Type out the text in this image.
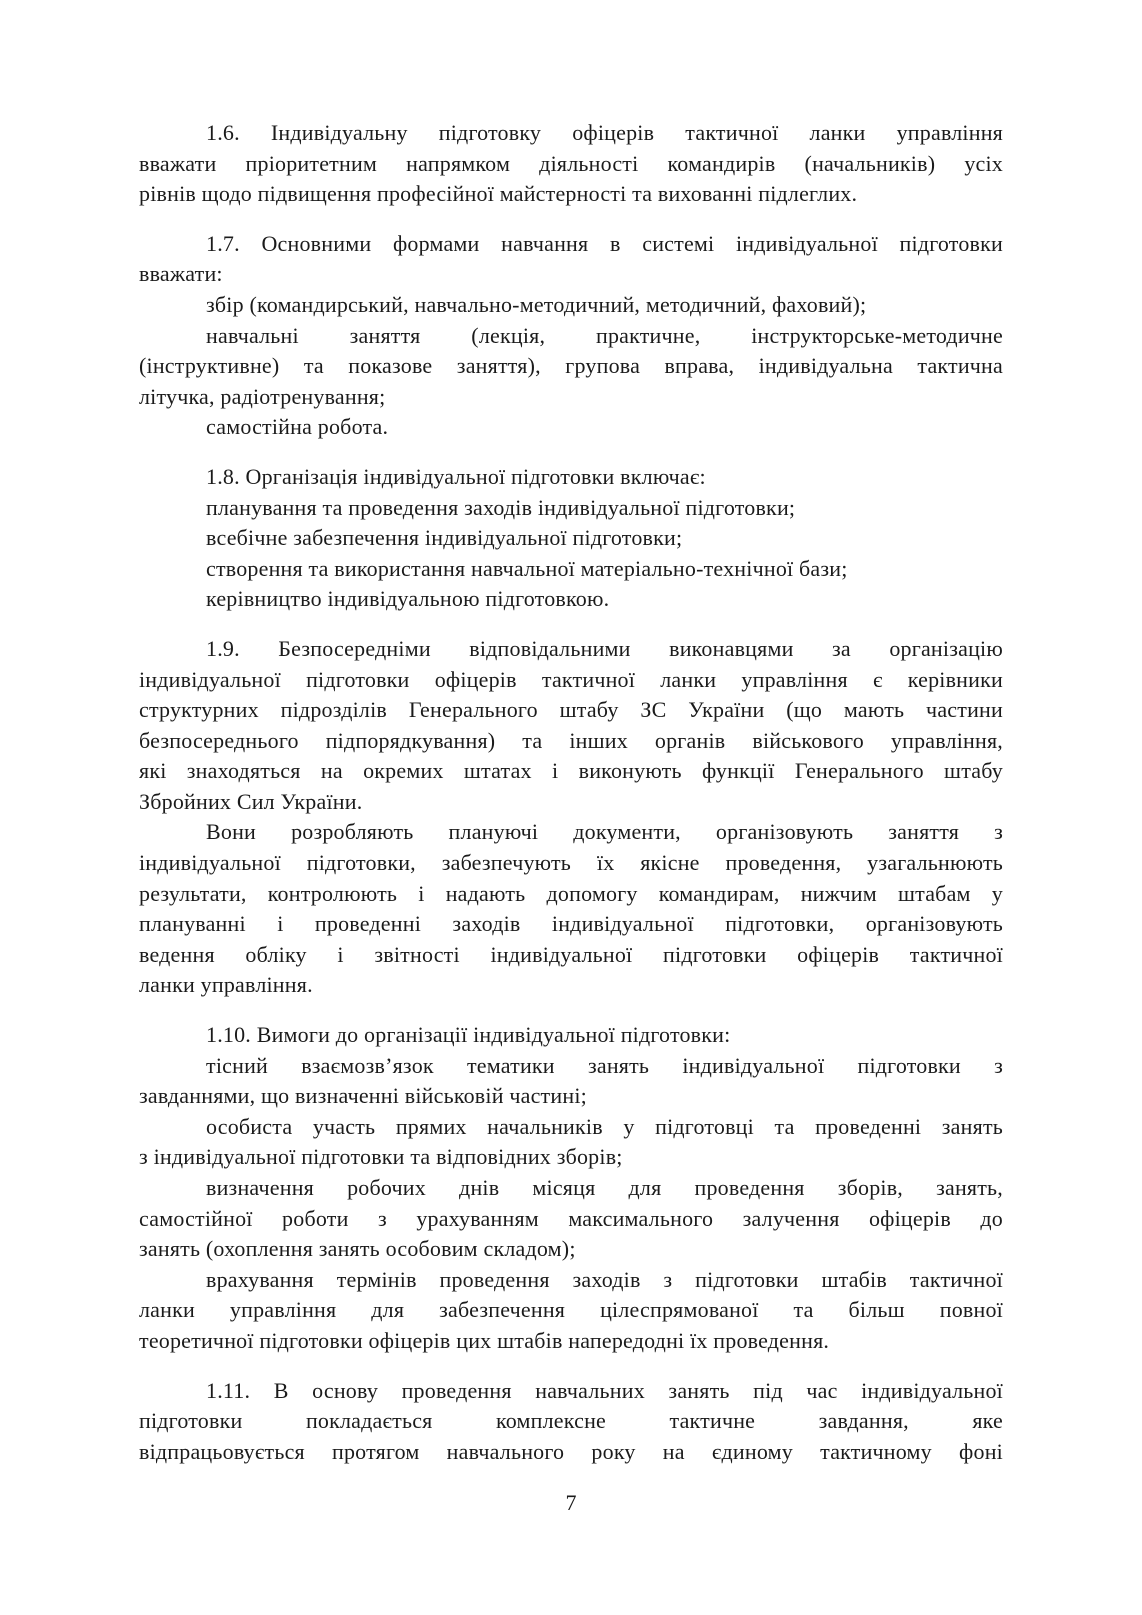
1.6. Індивідуальну підготовку офіцерів тактичної ланки управління
вважати пріоритетним напрямком діяльності командирів (начальників) усіх
рівнів щодо підвищення професійної майстерності та вихованні підлеглих.
1.7. Основними формами навчання в системі індивідуальної підготовки
вважати:
збір (командирський, навчально-методичний, методичний, фаховий);
навчальні заняття (лекція, практичне, інструкторське-методичне
(інструктивне) та показове заняття), групова вправа, індивідуальна тактична
літучка, радіотренування;
самостійна робота.
1.8. Організація індивідуальної підготовки включає:
планування та проведення заходів індивідуальної підготовки;
всебічне забезпечення індивідуальної підготовки;
створення та використання навчальної матеріально-технічної бази;
керівництво індивідуальною підготовкою.
1.9. Безпосередніми відповідальними виконавцями за організацію
індивідуальної підготовки офіцерів тактичної ланки управління є керівники
структурних підрозділів Генерального штабу ЗС України (що мають частини
безпосереднього підпорядкування) та інших органів військового управління,
які знаходяться на окремих штатах і виконують функції Генерального штабу
Збройних Сил України.
Вони розробляють плануючі документи, організовують заняття з
індивідуальної підготовки, забезпечують їх якісне проведення, узагальнюють
результати, контролюють і надають допомогу командирам, нижчим штабам у
плануванні і проведенні заходів індивідуальної підготовки, організовують
ведення обліку і звітності індивідуальної підготовки офіцерів тактичної
ланки управління.
1.10. Вимоги до організації індивідуальної підготовки:
тісний взаємозв’язок тематики занять індивідуальної підготовки з
завданнями, що визначенні військовій частині;
особиста участь прямих начальників у підготовці та проведенні занять
з індивідуальної підготовки та відповідних зборів;
визначення робочих днів місяця для проведення зборів, занять,
самостійної роботи з урахуванням максимального залучення офіцерів до
занять (охоплення занять особовим складом);
врахування термінів проведення заходів з підготовки штабів тактичної
ланки управління для забезпечення цілеспрямованої та більш повної
теоретичної підготовки офіцерів цих штабів напередодні їх проведення.
1.11. В основу проведення навчальних занять під час індивідуальної
підготовки покладається комплексне тактичне завдання, яке
відпрацьовується протягом навчального року на єдиному тактичному фоні
7
